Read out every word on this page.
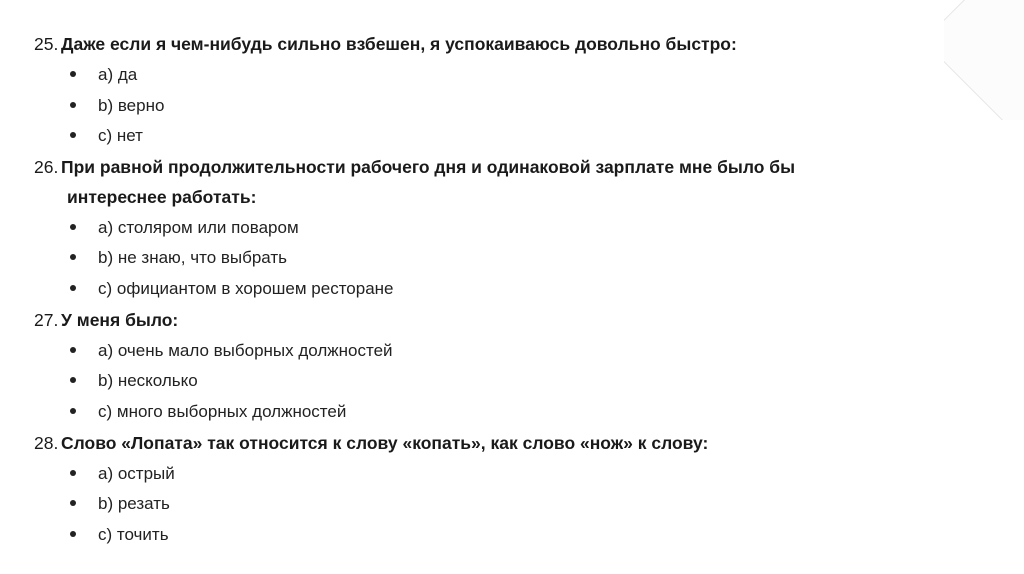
25. Даже если я чем-нибудь сильно взбешен, я успокаиваюсь довольно быстро:
a) да
b) верно
c) нет
26. При равной продолжительности рабочего дня и одинаковой зарплате мне было бы
интереснее работать:
a) столяром или поваром
b) не знаю, что выбрать
c) официантом в хорошем ресторане
27. У меня было:
a) очень мало выборных должностей
b) несколько
c) много выборных должностей
28. Слово «Лопата» так относится к слову «копать», как слово «нож» к слову:
a) острый
b) резать
c) точить
